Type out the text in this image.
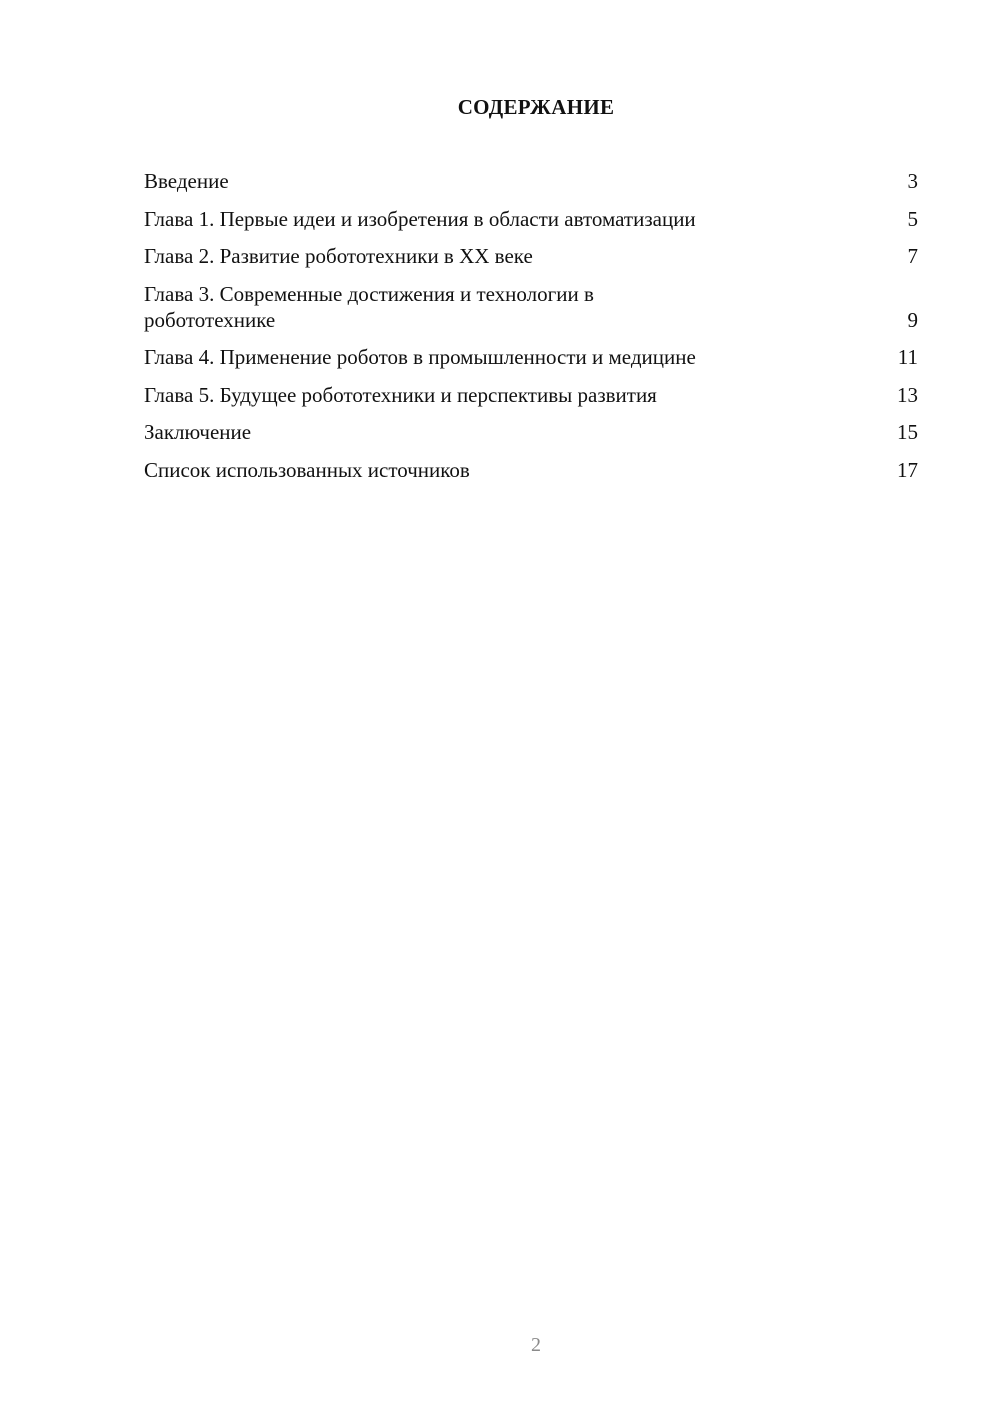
СОДЕРЖАНИЕ
Введение	3
Глава 1. Первые идеи и изобретения в области автоматизации	5
Глава 2. Развитие робототехники в XX веке	7
Глава 3. Современные достижения и технологии в робототехнике	9
Глава 4. Применение роботов в промышленности и медицине	11
Глава 5. Будущее робототехники и перспективы развития	13
Заключение	15
Список использованных источников	17
2
